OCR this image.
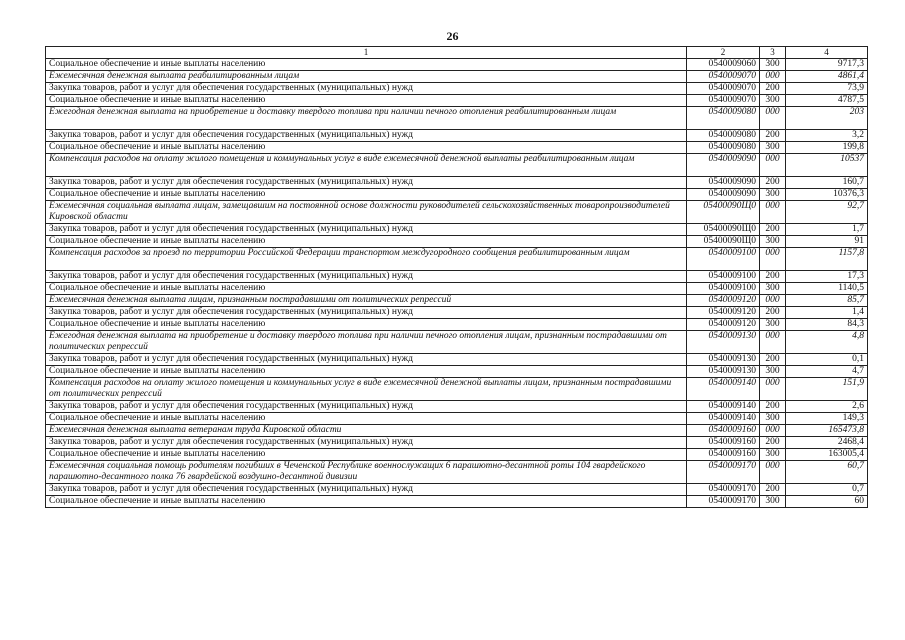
26
1	2	3	4
Социальное обеспечение и иные выплаты населению	0540009060	300	9717,3
Ежемесячная денежная выплата реабилитированным лицам	0540009070	000	4861,4
Закупка товаров, работ и услуг для обеспечения государственных (муниципальных) нужд	0540009070	200	73,9
Социальное обеспечение и иные выплаты населению	0540009070	300	4787,5
Ежегодная денежная выплата на приобретение и доставку твердого топлива при наличии печного отопления реабилитированным лицам	0540009080	000	203
Закупка товаров, работ и услуг для обеспечения государственных (муниципальных) нужд	0540009080	200	3,2
Социальное обеспечение и иные выплаты населению	0540009080	300	199,8
Компенсация расходов на оплату жилого помещения и коммунальных услуг в виде ежемесячной денежной выплаты реабилитированным лицам	0540009090	000	10537
Закупка товаров, работ и услуг для обеспечения государственных (муниципальных) нужд	0540009090	200	160,7
Социальное обеспечение и иные выплаты населению	0540009090	300	10376,3
Ежемесячная социальная выплата лицам, замещавшим на постоянной основе должности руководителей сельскохозяйственных товаропроизводителей Кировской области	05400090Щ0	000	92,7
Закупка товаров, работ и услуг для обеспечения государственных (муниципальных) нужд	05400090Щ0	200	1,7
Социальное обеспечение и иные выплаты населению	05400090Щ0	300	91
Компенсация расходов за проезд по территории Российской Федерации транспортом междугородного сообщения реабилитированным лицам	0540009100	000	1157,8
Закупка товаров, работ и услуг для обеспечения государственных (муниципальных) нужд	0540009100	200	17,3
Социальное обеспечение и иные выплаты населению	0540009100	300	1140,5
Ежемесячная денежная выплата лицам, признанным пострадавшими от политических репрессий	0540009120	000	85,7
Закупка товаров, работ и услуг для обеспечения государственных (муниципальных) нужд	0540009120	200	1,4
Социальное обеспечение и иные выплаты населению	0540009120	300	84,3
Ежегодная денежная выплата на приобретение и доставку твердого топлива при наличии печного отопления лицам, признанным пострадавшими от политических репрессий	0540009130	000	4,8
Закупка товаров, работ и услуг для обеспечения государственных (муниципальных) нужд	0540009130	200	0,1
Социальное обеспечение и иные выплаты населению	0540009130	300	4,7
Компенсация расходов на оплату жилого помещения и коммунальных услуг в виде ежемесячной денежной выплаты лицам, признанным пострадавшими от политических репрессий	0540009140	000	151,9
Закупка товаров, работ и услуг для обеспечения государственных (муниципальных) нужд	0540009140	200	2,6
Социальное обеспечение и иные выплаты населению	0540009140	300	149,3
Ежемесячная денежная выплата ветеранам труда Кировской области	0540009160	000	165473,8
Закупка товаров, работ и услуг для обеспечения государственных (муниципальных) нужд	0540009160	200	2468,4
Социальное обеспечение и иные выплаты населению	0540009160	300	163005,4
Ежемесячная социальная помощь родителям погибших в Чеченской Республике военнослужащих 6 парашютно-десантной роты 104 гвардейского парашютно-десантного полка 76 гвардейской воздушно-десантной дивизии	0540009170	000	60,7
Закупка товаров, работ и услуг для обеспечения государственных (муниципальных) нужд	0540009170	200	0,7
Социальное обеспечение и иные выплаты населению	0540009170	300	60
